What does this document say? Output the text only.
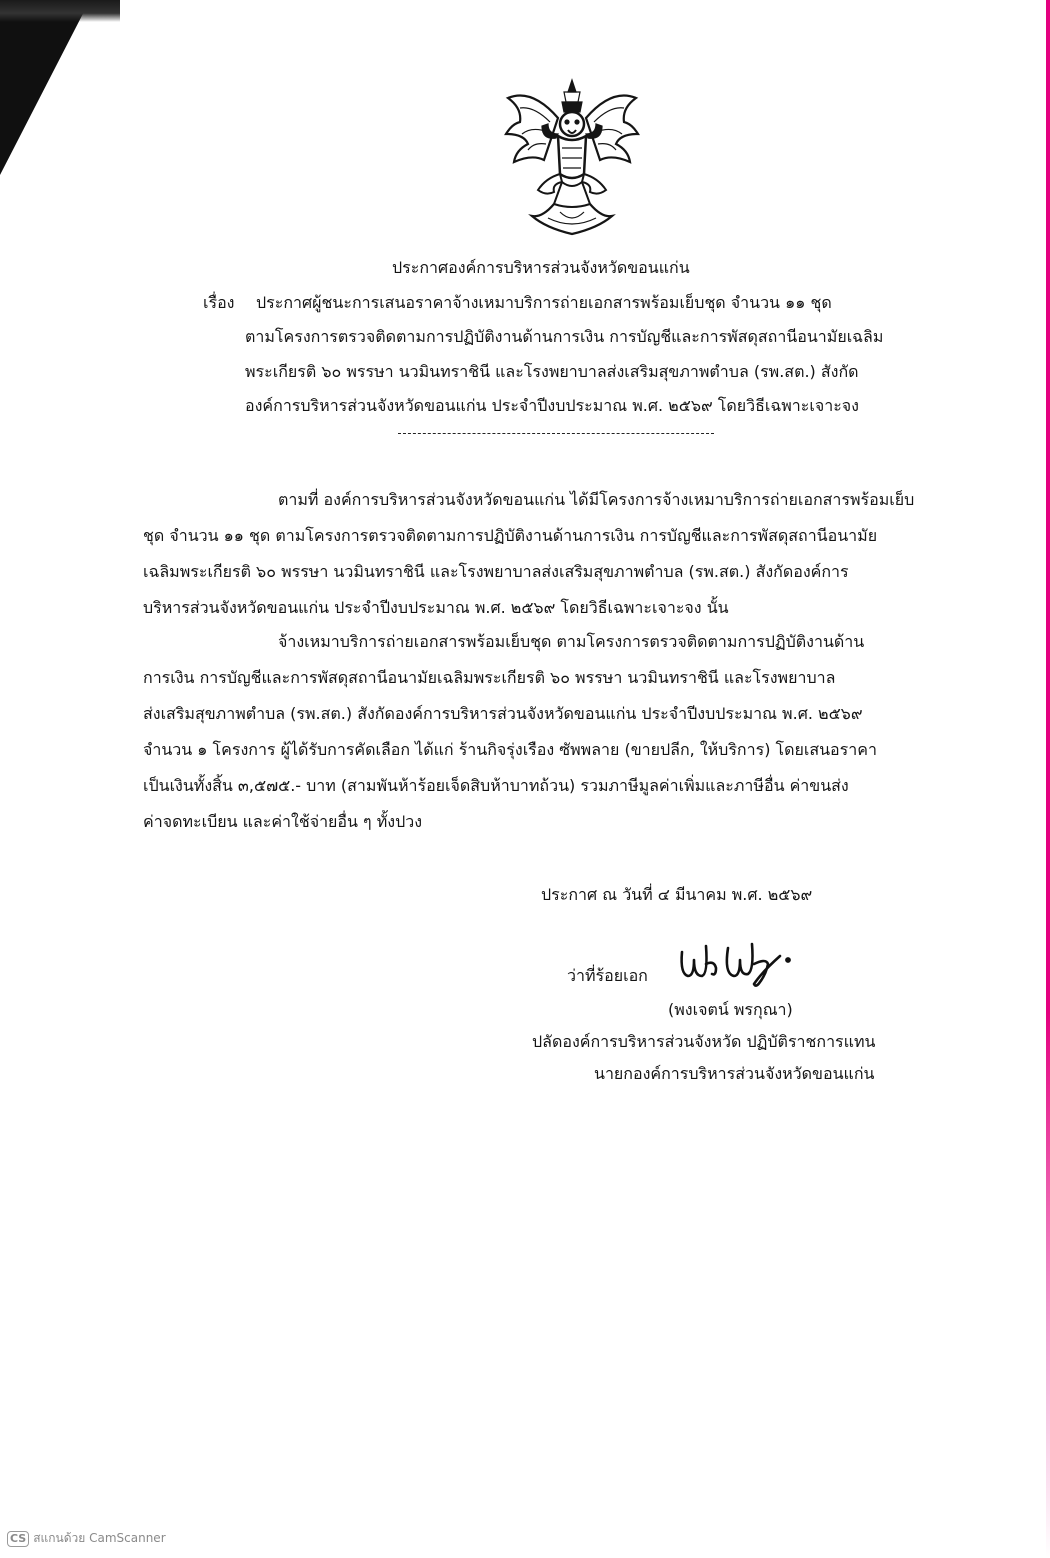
ประกาศองค์การบริหารส่วนจังหวัดขอนแก่น
เรื่อง ประกาศผู้ชนะการเสนอราคาจ้างเหมาบริการถ่ายเอกสารพร้อมเย็บชุด จำนวน ๑๑ ชุด
ตามโครงการตรวจติดตามการปฏิบัติงานด้านการเงิน การบัญชีและการพัสดุสถานีอนามัยเฉลิม
พระเกียรติ ๖๐ พรรษา นวมินทราชินี และโรงพยาบาลส่งเสริมสุขภาพตำบล (รพ.สต.) สังกัด
องค์การบริหารส่วนจังหวัดขอนแก่น ประจำปีงบประมาณ พ.ศ. ๒๕๖๙ โดยวิธีเฉพาะเจาะจง
ตามที่ องค์การบริหารส่วนจังหวัดขอนแก่น ได้มีโครงการจ้างเหมาบริการถ่ายเอกสารพร้อมเย็บ
ชุด จำนวน ๑๑ ชุด ตามโครงการตรวจติดตามการปฏิบัติงานด้านการเงิน การบัญชีและการพัสดุสถานีอนามัย
เฉลิมพระเกียรติ ๖๐ พรรษา นวมินทราชินี และโรงพยาบาลส่งเสริมสุขภาพตำบล (รพ.สต.) สังกัดองค์การ
บริหารส่วนจังหวัดขอนแก่น ประจำปีงบประมาณ พ.ศ. ๒๕๖๙ โดยวิธีเฉพาะเจาะจง นั้น
จ้างเหมาบริการถ่ายเอกสารพร้อมเย็บชุด ตามโครงการตรวจติดตามการปฏิบัติงานด้าน
การเงิน การบัญชีและการพัสดุสถานีอนามัยเฉลิมพระเกียรติ ๖๐ พรรษา นวมินทราชินี และโรงพยาบาล
ส่งเสริมสุขภาพตำบล (รพ.สต.) สังกัดองค์การบริหารส่วนจังหวัดขอนแก่น ประจำปีงบประมาณ พ.ศ. ๒๕๖๙
จำนวน ๑ โครงการ ผู้ได้รับการคัดเลือก ได้แก่ ร้านกิจรุ่งเรือง ซัพพลาย (ขายปลีก, ให้บริการ) โดยเสนอราคา
เป็นเงินทั้งสิ้น ๓,๕๗๕.- บาท (สามพันห้าร้อยเจ็ดสิบห้าบาทถ้วน) รวมภาษีมูลค่าเพิ่มและภาษีอื่น ค่าขนส่ง
ค่าจดทะเบียน และค่าใช้จ่ายอื่น ๆ ทั้งปวง
ประกาศ ณ วันที่ ๔ มีนาคม พ.ศ. ๒๕๖๙
ว่าที่ร้อยเอก
(พงเจตน์ พรกุณา)
ปลัดองค์การบริหารส่วนจังหวัด ปฏิบัติราชการแทน
นายกองค์การบริหารส่วนจังหวัดขอนแก่น
CS สแกนด้วย CamScanner
